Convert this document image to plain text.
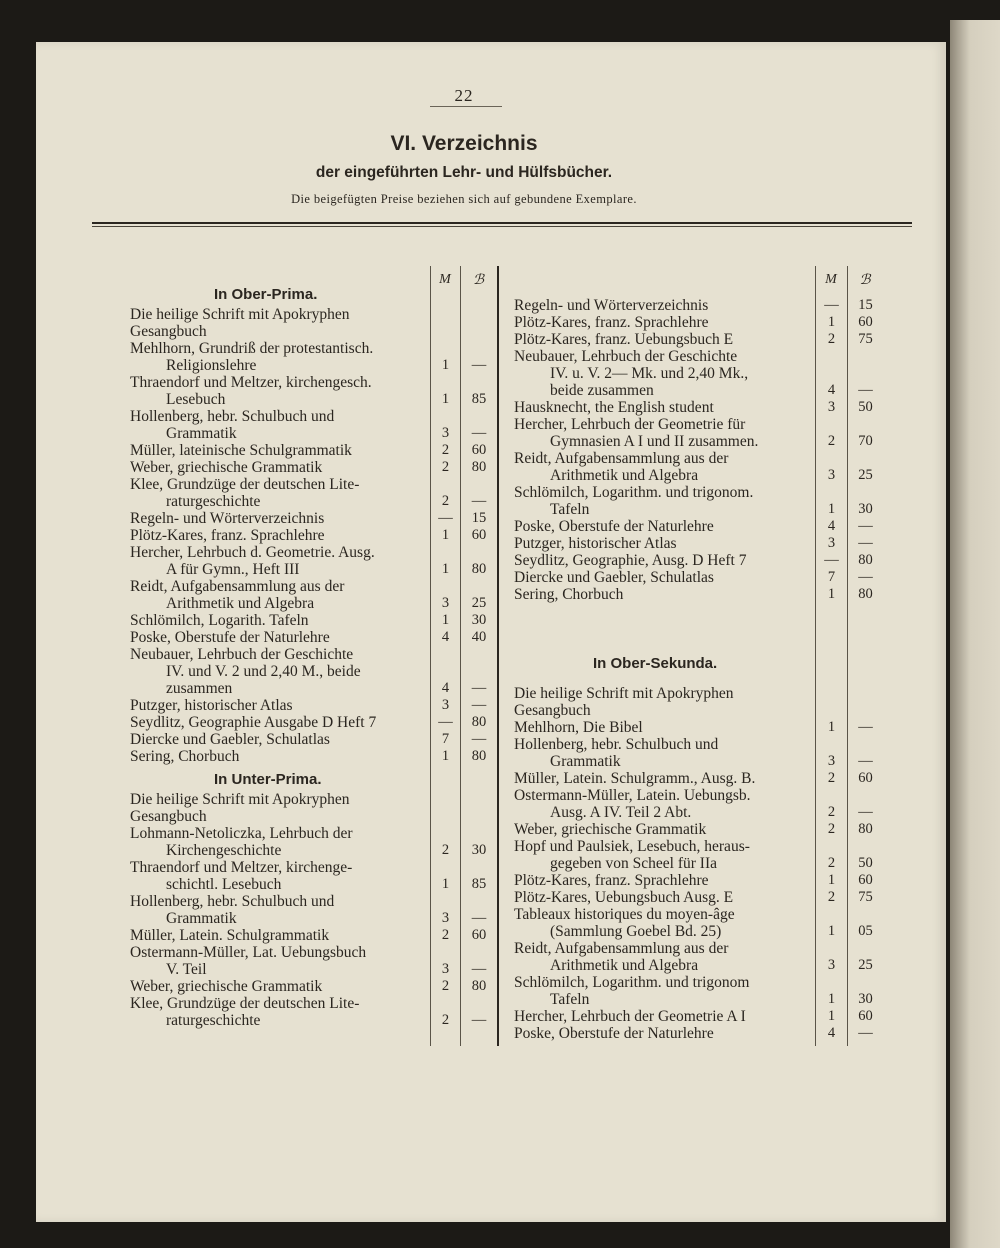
22
VI. Verzeichnis
der eingeführten Lehr- und Hülfsbücher.
Die beigefügten Preise beziehen sich auf gebundene Exemplare.
M	ℬ	M	ℬ
In Ober-Prima.
Die heilige Schrift mit Apokryphen
Gesangbuch
Mehlhorn, Grundriß der protestantisch.
Religionslehre	1	—
Thraendorf und Meltzer, kirchengesch.
Lesebuch	1	85
Hollenberg, hebr. Schulbuch und
Grammatik	3	—
Müller, lateinische Schulgrammatik	2	60
Weber, griechische Grammatik	2	80
Klee, Grundzüge der deutschen Lite-
raturgeschichte	2	—
Regeln- und Wörterverzeichnis	—	15
Plötz-Kares, franz. Sprachlehre	1	60
Hercher, Lehrbuch d. Geometrie. Ausg.
A für Gymn., Heft III	1	80
Reidt, Aufgabensammlung aus der
Arithmetik und Algebra	3	25
Schlömilch, Logarith. Tafeln	1	30
Poske, Oberstufe der Naturlehre	4	40
Neubauer, Lehrbuch der Geschichte
IV. und V. 2 und 2,40 M., beide
zusammen	4	—
Putzger, historischer Atlas	3	—
Seydlitz, Geographie Ausgabe D Heft 7	—	80
Diercke und Gaebler, Schulatlas	7	—
Sering, Chorbuch	1	80
In Unter-Prima.
Die heilige Schrift mit Apokryphen
Gesangbuch
Lohmann-Netoliczka, Lehrbuch der
Kirchengeschichte	2	30
Thraendorf und Meltzer, kirchenge-
schichtl. Lesebuch	1	85
Hollenberg, hebr. Schulbuch und
Grammatik	3	—
Müller, Latein. Schulgrammatik	2	60
Ostermann-Müller, Lat. Uebungsbuch
V. Teil	3	—
Weber, griechische Grammatik	2	80
Klee, Grundzüge der deutschen Lite-
raturgeschichte	2	—
Regeln- und Wörterverzeichnis	—	15
Plötz-Kares, franz. Sprachlehre	1	60
Plötz-Kares, franz. Uebungsbuch E	2	75
Neubauer, Lehrbuch der Geschichte
IV. u. V. 2— Mk. und 2,40 Mk.,
beide zusammen	4	—
Hausknecht, the English student	3	50
Hercher, Lehrbuch der Geometrie für
Gymnasien A I und II zusammen.	2	70
Reidt, Aufgabensammlung aus der
Arithmetik und Algebra	3	25
Schlömilch, Logarithm. und trigonom.
Tafeln	1	30
Poske, Oberstufe der Naturlehre	4	—
Putzger, historischer Atlas	3	—
Seydlitz, Geographie, Ausg. D Heft 7	—	80
Diercke und Gaebler, Schulatlas	7	—
Sering, Chorbuch	1	80
In Ober-Sekunda.
Die heilige Schrift mit Apokryphen
Gesangbuch
Mehlhorn, Die Bibel	1	—
Hollenberg, hebr. Schulbuch und
Grammatik	3	—
Müller, Latein. Schulgramm., Ausg. B.	2	60
Ostermann-Müller, Latein. Uebungsb.
Ausg. A IV. Teil 2 Abt.	2	—
Weber, griechische Grammatik	2	80
Hopf und Paulsiek, Lesebuch, heraus-
gegeben von Scheel für IIa	2	50
Plötz-Kares, franz. Sprachlehre	1	60
Plötz-Kares, Uebungsbuch Ausg. E	2	75
Tableaux historiques du moyen-âge
(Sammlung Goebel Bd. 25)	1	05
Reidt, Aufgabensammlung aus der
Arithmetik und Algebra	3	25
Schlömilch, Logarithm. und trigonom
Tafeln	1	30
Hercher, Lehrbuch der Geometrie A I	1	60
Poske, Oberstufe der Naturlehre	4	—
